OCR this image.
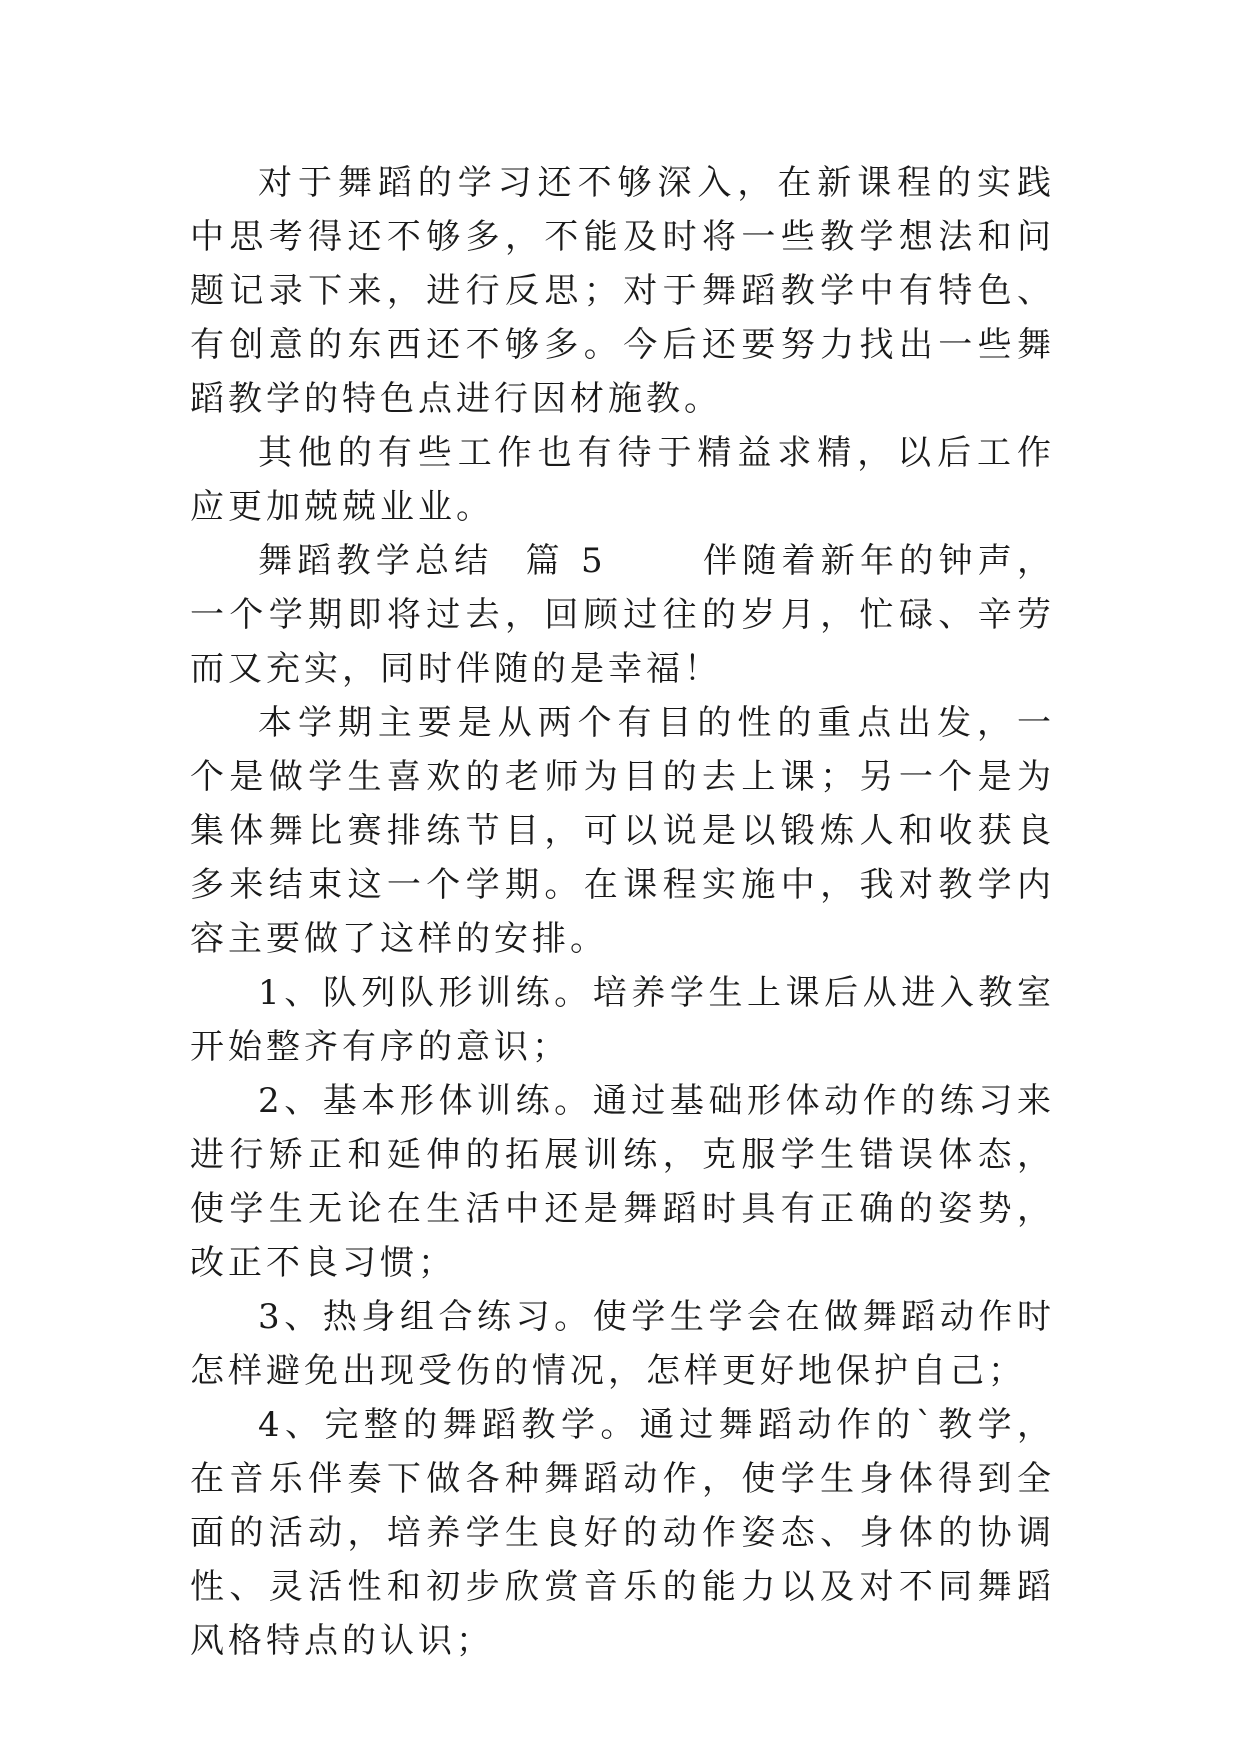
对于舞蹈的学习还不够深入，在新课程的实践中思考得还不够多，不能及时将一些教学想法和问题记录下来，进行反思；对于舞蹈教学中有特色、有创意的东西还不够多。今后还要努力找出一些舞蹈教学的特色点进行因材施教。

其他的有些工作也有待于精益求精，以后工作应更加兢兢业业。

舞蹈教学总结  篇 5      伴随着新年的钟声，一个学期即将过去，回顾过往的岁月，忙碌、辛劳而又充实，同时伴随的是幸福！

本学期主要是从两个有目的性的重点出发，一个是做学生喜欢的老师为目的去上课；另一个是为集体舞比赛排练节目，可以说是以锻炼人和收获良多来结束这一个学期。在课程实施中，我对教学内容主要做了这样的安排。

1、队列队形训练。培养学生上课后从进入教室开始整齐有序的意识；

2、基本形体训练。通过基础形体动作的练习来进行矫正和延伸的拓展训练，克服学生错误体态，使学生无论在生活中还是舞蹈时具有正确的姿势，改正不良习惯；

3、热身组合练习。使学生学会在做舞蹈动作时怎样避免出现受伤的情况，怎样更好地保护自己；

4、完整的舞蹈教学。通过舞蹈动作的`教学，在音乐伴奏下做各种舞蹈动作，使学生身体得到全面的活动，培养学生良好的动作姿态、身体的协调性、灵活性和初步欣赏音乐的能力以及对不同舞蹈风格特点的认识；
